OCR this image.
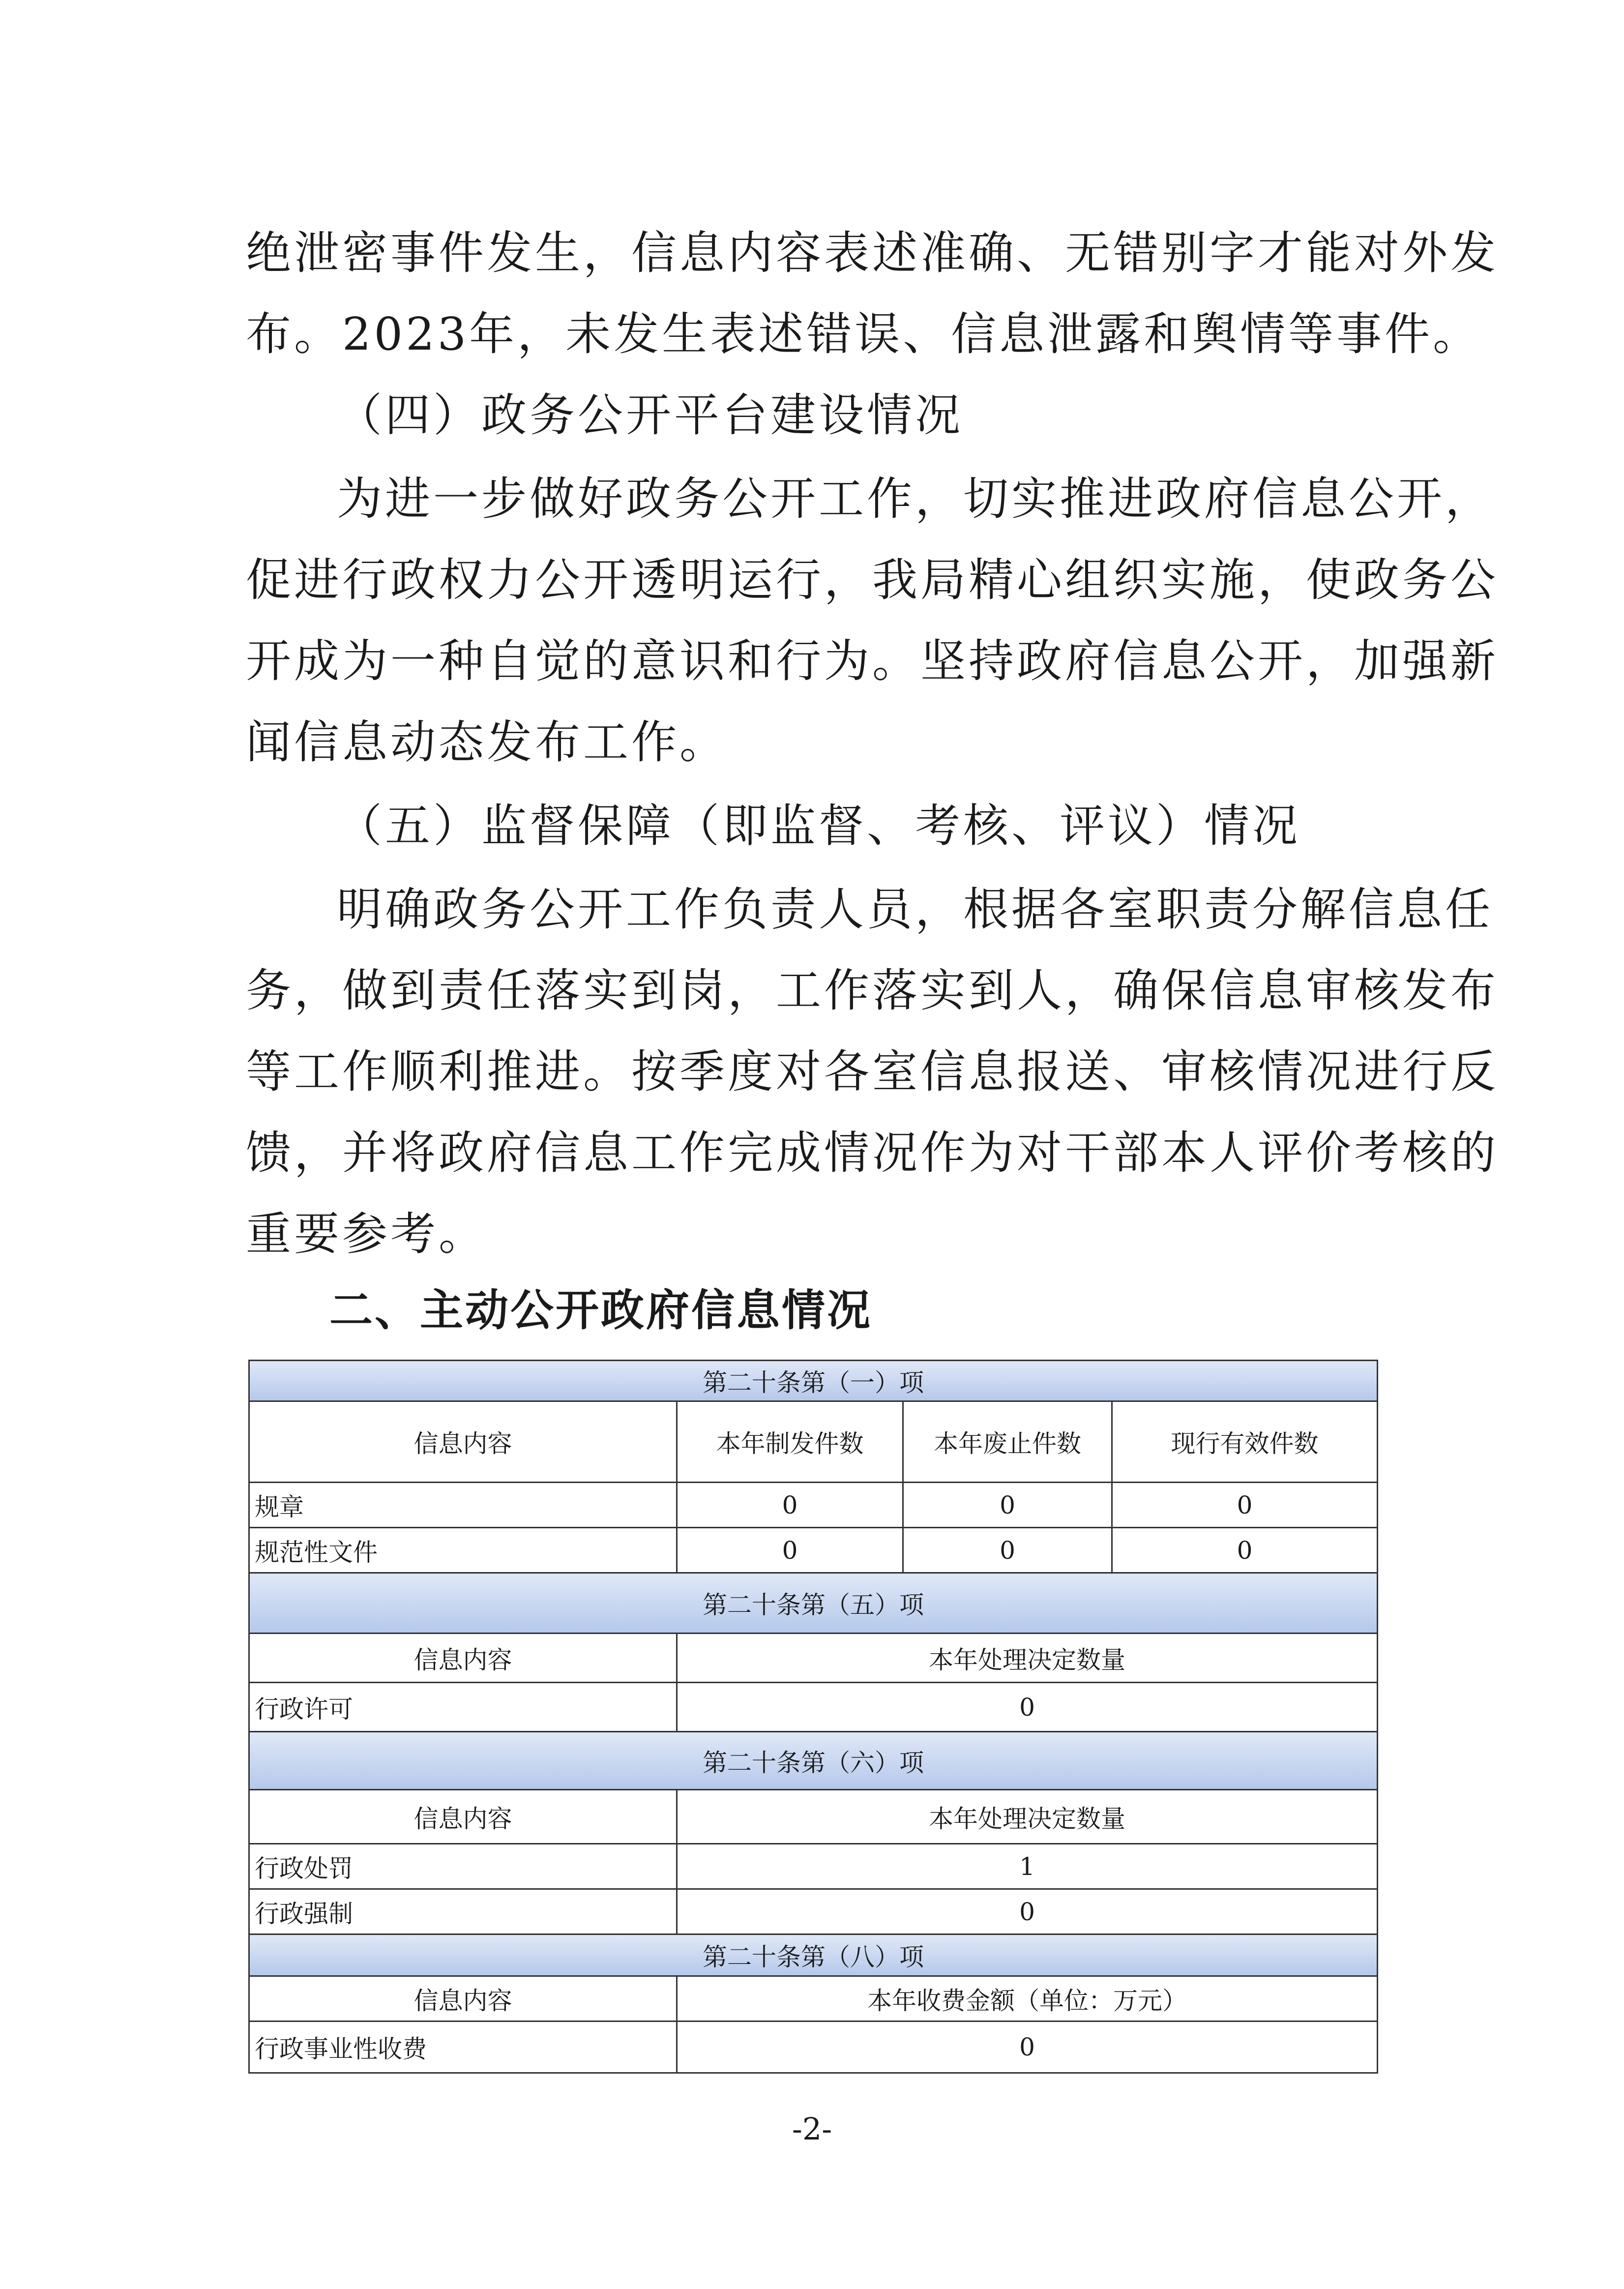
绝泄密事件发生，信息内容表述准确、无错别字才能对外发
布。2023年，未发生表述错误、信息泄露和舆情等事件。
（四）政务公开平台建设情况
为进一步做好政务公开工作，切实推进政府信息公开，
促进行政权力公开透明运行，我局精心组织实施，使政务公
开成为一种自觉的意识和行为。坚持政府信息公开，加强新
闻信息动态发布工作。
（五）监督保障（即监督、考核、评议）情况
明确政务公开工作负责人员，根据各室职责分解信息任
务，做到责任落实到岗，工作落实到人，确保信息审核发布
等工作顺利推进。按季度对各室信息报送、审核情况进行反
馈，并将政府信息工作完成情况作为对干部本人评价考核的
重要参考。
二、主动公开政府信息情况
第二十条第（一）项			
信息内容	本年制发件数	本年废止件数	现行有效件数
规章	0	0	0
规范性文件	0	0	0
第二十条第（五）项			
信息内容	本年处理决定数量		
行政许可	0		
第二十条第（六）项			
信息内容	本年处理决定数量		
行政处罚	1		
行政强制	0		
第二十条第（八）项			
信息内容	本年收费金额（单位：万元）		
行政事业性收费	0		
-2-
